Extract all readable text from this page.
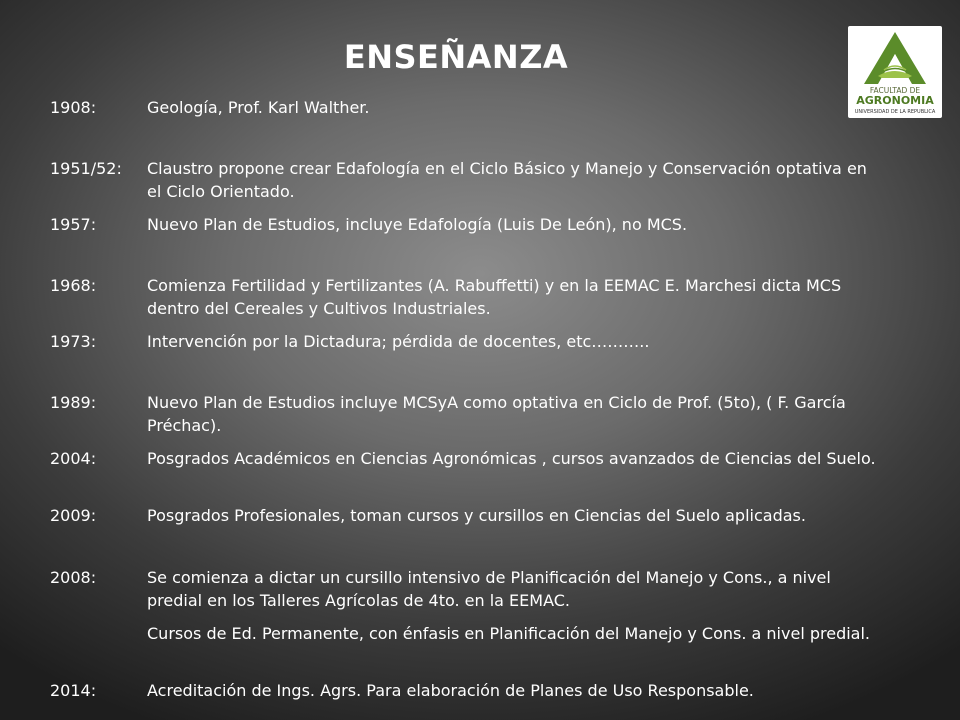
ENSEÑANZA
FACULTAD DE
AGRONOMIA
UNIVERSIDAD DE LA REPUBLICA
1908:	Geología, Prof. Karl Walther.
1951/52: Claustro propone crear Edafología en el Ciclo Básico y Manejo y Conservación optativa en el Ciclo Orientado.
1957:	Nuevo Plan de Estudios, incluye Edafología (Luis De León), no MCS.
1968:	Comienza Fertilidad y Fertilizantes (A. Rabuffetti) y en la EEMAC E. Marchesi dicta MCS dentro del Cereales y Cultivos Industriales.
1973:	Intervención por la Dictadura; pérdida de docentes, etc………..
1989:	Nuevo Plan de Estudios incluye MCSyA como optativa en Ciclo de Prof. (5to), ( F. García Préchac).
2004:	Posgrados Académicos en Ciencias Agronómicas , cursos avanzados de Ciencias del Suelo.
2009:	Posgrados Profesionales, toman cursos y cursillos en Ciencias del Suelo aplicadas.
2008:	Se comienza a dictar un cursillo intensivo de Planificación del Manejo y Cons., a nivel predial en los Talleres Agrícolas de 4to. en la EEMAC.
Cursos de Ed. Permanente, con énfasis en Planificación del Manejo y Cons. a nivel predial.
2014:	Acreditación de Ings. Agrs. Para elaboración de Planes de Uso Responsable.
